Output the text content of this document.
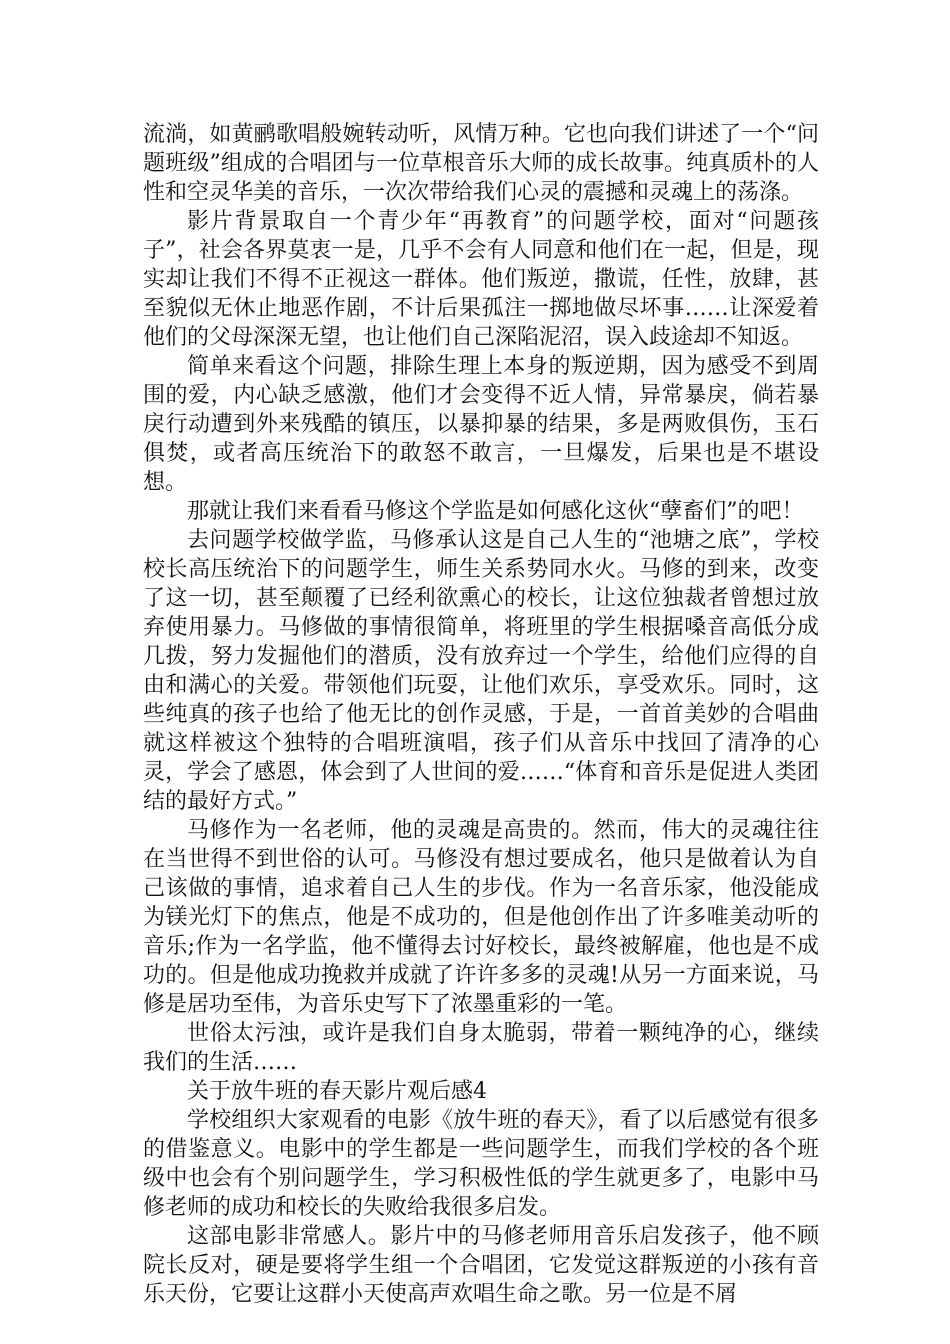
流淌，如黄鹂歌唱般婉转动听，风情万种。它也向我们讲述了一个“问题班级”组成的合唱团与一位草根音乐大师的成长故事。纯真质朴的人性和空灵华美的音乐，一次次带给我们心灵的震撼和灵魂上的荡涤。

影片背景取自一个青少年“再教育”的问题学校，面对“问题孩子”，社会各界莫衷一是，几乎不会有人同意和他们在一起，但是，现实却让我们不得不正视这一群体。他们叛逆，撒谎，任性，放肆，甚至貌似无休止地恶作剧，不计后果孤注一掷地做尽坏事……让深爱着他们的父母深深无望，也让他们自己深陷泥沼，误入歧途却不知返。

简单来看这个问题，排除生理上本身的叛逆期，因为感受不到周围的爱，内心缺乏感激，他们才会变得不近人情，异常暴戾，倘若暴戾行动遭到外来残酷的镇压，以暴抑暴的结果，多是两败俱伤，玉石俱焚，或者高压统治下的敢怒不敢言，一旦爆发，后果也是不堪设想。

那就让我们来看看马修这个学监是如何感化这伙“孽畜们”的吧！

去问题学校做学监，马修承认这是自己人生的“池塘之底”，学校校长高压统治下的问题学生，师生关系势同水火。马修的到来，改变了这一切，甚至颠覆了已经利欲熏心的校长，让这位独裁者曾想过放弃使用暴力。马修做的事情很简单，将班里的学生根据嗓音高低分成几拨，努力发掘他们的潜质，没有放弃过一个学生，给他们应得的自由和满心的关爱。带领他们玩耍，让他们欢乐，享受欢乐。同时，这些纯真的孩子也给了他无比的创作灵感，于是，一首首美妙的合唱曲就这样被这个独特的合唱班演唱，孩子们从音乐中找回了清净的心灵，学会了感恩，体会到了人世间的爱……“体育和音乐是促进人类团结的最好方式。”

马修作为一名老师，他的灵魂是高贵的。然而，伟大的灵魂往往在当世得不到世俗的认可。马修没有想过要成名，他只是做着认为自己该做的事情，追求着自己人生的步伐。作为一名音乐家，他没能成为镁光灯下的焦点，他是不成功的，但是他创作出了许多唯美动听的音乐;作为一名学监，他不懂得去讨好校长，最终被解雇，他也是不成功的。但是他成功挽救并成就了许许多多的灵魂!从另一方面来说，马修是居功至伟，为音乐史写下了浓墨重彩的一笔。

世俗太污浊，或许是我们自身太脆弱，带着一颗纯净的心，继续我们的生活……

关于放牛班的春天影片观后感4

学校组织大家观看的电影《放牛班的春天》，看了以后感觉有很多的借鉴意义。电影中的学生都是一些问题学生，而我们学校的各个班级中也会有个别问题学生，学习积极性低的学生就更多了，电影中马修老师的成功和校长的失败给我很多启发。

这部电影非常感人。影片中的马修老师用音乐启发孩子，他不顾院长反对，硬是要将学生组一个合唱团，它发觉这群叛逆的小孩有音乐天份，它要让这群小天使高声欢唱生命之歌。另一位是不屑
